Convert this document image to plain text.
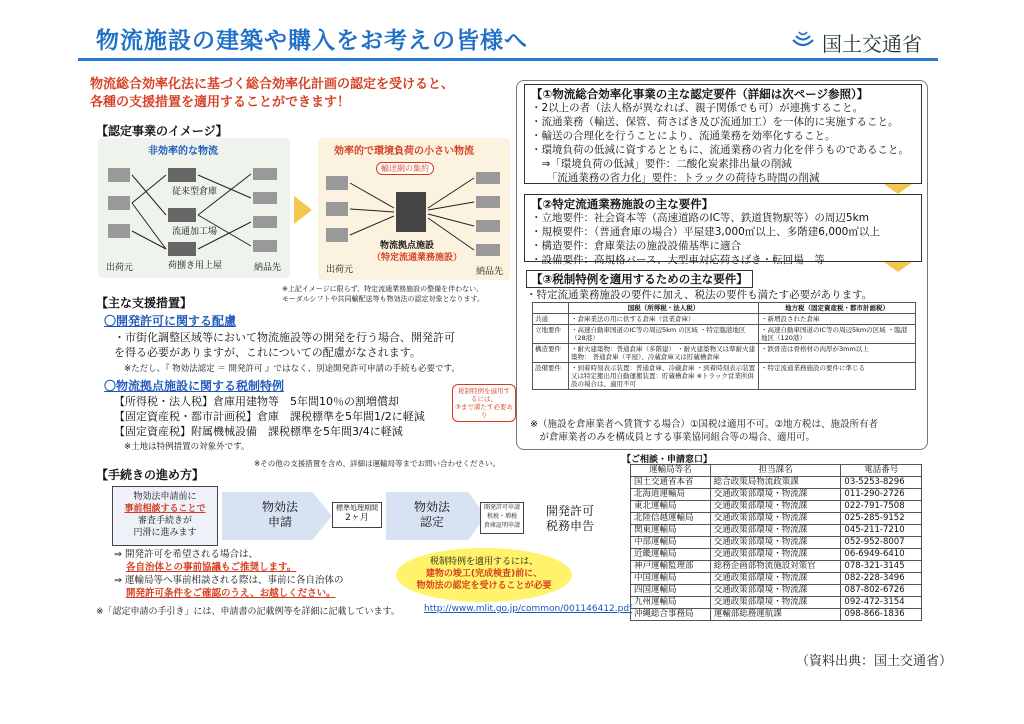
物流施設の建築や購入をお考えの皆様へ	国土交通省
物流総合効率化法に基づく総合効率化計画の認定を受けると、
各種の支援措置を適用することができます！
【認定事業のイメージ】
非効率的な物流
従来型倉庫
流通加工場
荷捌き用上屋
出荷元	納品先
効率的で環境負荷の小さい物流
輸送網の集約
物流拠点施設
（特定流通業務施設）
出荷元	納品先
※上記イメージに限らず、特定流通業務施設の整備を伴わない、
モーダルシフトや共同輸配送等も物効法の認定対象となります。
【主な支援措置】
〇開発許可に関する配慮
・市街化調整区域等において物流施設等の開発を行う場合、開発許可
を得る必要がありますが、これについての配慮がなされます。
※ただし、『 物効法認定 ＝ 開発許可 』ではなく、別途開発許可申請の手続も必要です。
〇物流拠点施設に関する税制特例
【所得税・法人税】倉庫用建物等　5年間10％の割増償却
【固定資産税・都市計画税】倉庫　課税標準を5年間1/2に軽減
【固定資産税】附属機械設備　課税標準を5年間3/4に軽減
※土地は特例措置の対象外です。
税制特例を適用するには、
③まで満たす必要あり
※その他の支援措置を含め、詳細は運輸局等までお問い合わせください。
【手続きの進め方】
物効法申請前に
事前相談することで
審査手続きが
円滑に進みます
物効法
申請
標準処理期間
2ヶ月
物効法
認定
開発許可申請
租税・増税
倉庫証明申請
開発許可
税務申告
⇒ 開発許可を希望される場合は、
各自治体との事前協議もご推奨します。
⇒ 運輸局等へ事前相談される際は、事前に各自治体の
開発許可条件をご確認のうえ、お越しください。
税制特例を適用するには、
建物の竣工(完成検査)前に、
物効法の認定を受けることが必要
※「認定申請の手引き」には、申請書の記載例等を詳細に記載しています。	http://www.mlit.go.jp/common/001146412.pdf
【①物流総合効率化事業の主な認定要件（詳細は次ページ参照）】
・2以上の者（法人格が異なれば、親子関係でも可）が連携すること。
・流通業務（輸送、保管、荷さばき及び流通加工）を一体的に実施すること。
・輸送の合理化を行うことにより、流通業務を効率化すること。
・環境負荷の低減に資するとともに、流通業務の省力化を伴うものであること。
　⇒「環境負荷の低減」要件：二酸化炭素排出量の削減
　　「流通業務の省力化」要件：トラックの荷待ち時間の削減
【②特定流通業務施設の主な要件】
・立地要件：社会資本等（高速道路のIC等、鉄道貨物駅等）の周辺5km
・規模要件：（普通倉庫の場合）平屋建3,000㎡以上、多階建6,000㎡以上
・構造要件：倉庫業法の施設設備基準に適合
・設備要件：高規格バース、大型車対応荷さばき・転回場　等
【③税制特例を適用するための主な要件】
・特定流通業務施設の要件に加え、税法の要件も満たす必要があります。
	国税（所得税・法人税）	地方税（固定資産税・都市計画税）
共通	・倉庫業法の用に供する倉庫（営業倉庫）	・新増設された倉庫
立地要件	・高速自動車国道のIC等の周辺5km の区域 ・特定臨港地区（28港）	・高速自動車国道のIC等の周辺5kmの区域 ・臨港地区（120港）
構造要件	・耐火建築物：普通倉庫（多階建） ・耐火建築物又は準耐火建築物： 普通倉庫（平屋）、冷蔵倉庫又は貯蔵槽倉庫	・鉄骨造は骨格材の肉厚が3mm以上
設備要件	・到着時刻表示装置：普通倉庫、冷蔵倉庫 ・到着時刻表示装置又は特定搬出用自動運搬装置：貯蔵槽倉庫 ※トラック営業所併設の場合は、適用不可	・特定流通業務施設の要件に準じる
※（施設を倉庫業者へ賃貸する場合）①国税は適用不可。②地方税は、施設所有者
　が倉庫業者のみを構成員とする事業協同組合等の場合、適用可。
【ご相談・申請窓口】
運輸局等名	担当課名	電話番号
国土交通省本省	総合政策局物流政策課	03-5253-8296
北海道運輸局	交通政策部環境・物流課	011-290-2726
東北運輸局	交通政策部環境・物流課	022-791-7508
北陸信越運輸局	交通政策部環境・物流課	025-285-9152
関東運輸局	交通政策部環境・物流課	045-211-7210
中部運輸局	交通政策部環境・物流課	052-952-8007
近畿運輸局	交通政策部環境・物流課	06-6949-6410
神戸運輸監理部	総務企画部物流施設対策官	078-321-3145
中国運輸局	交通政策部環境・物流課	082-228-3496
四国運輸局	交通政策部環境・物流課	087-802-6726
九州運輸局	交通政策部環境・物流課	092-472-3154
沖縄総合事務局	運輸部総務運航課	098-866-1836
（資料出典：国土交通省）
